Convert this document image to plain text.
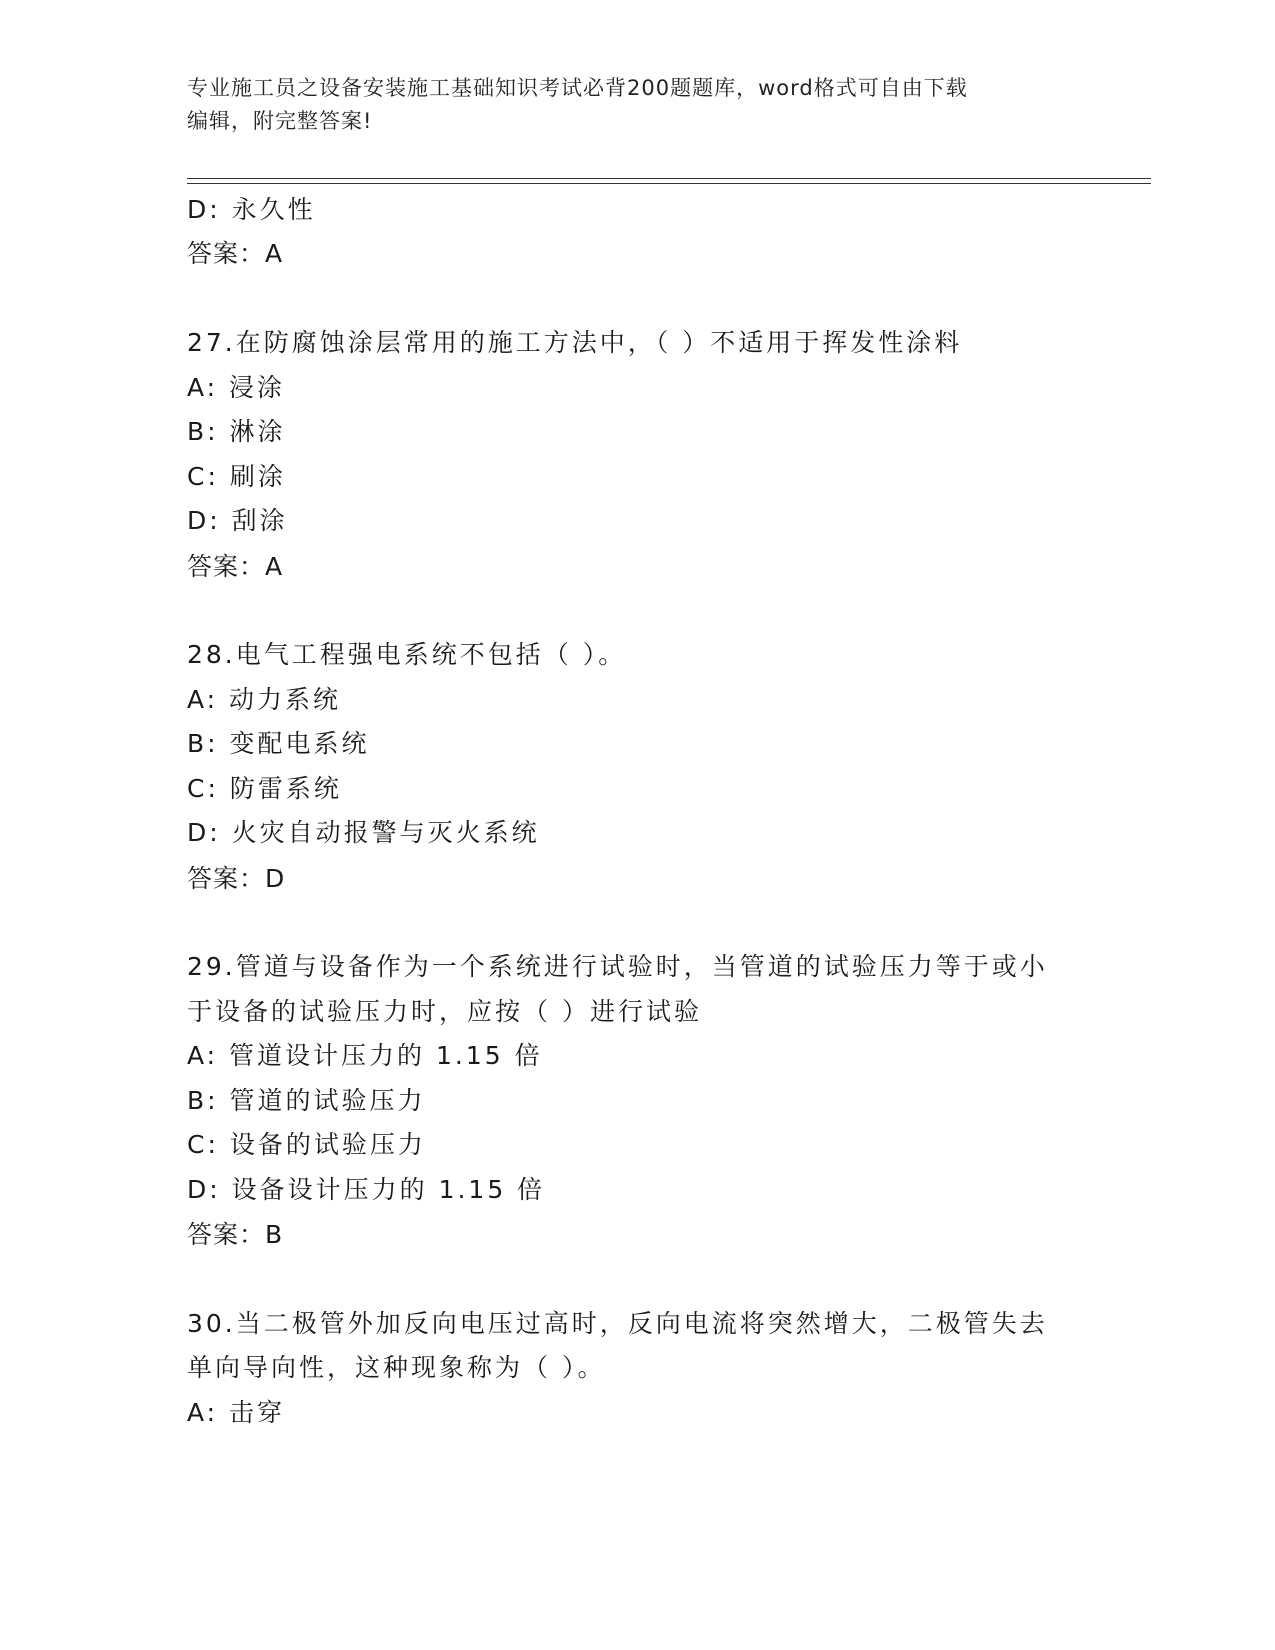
专业施工员之设备安装施工基础知识考试必背200题题库，word格式可自由下载
编辑，附完整答案!
D: 永久性
答案：A
27.在防腐蚀涂层常用的施工方法中，（ ）不适用于挥发性涂料
A: 浸涂
B: 淋涂
C: 刷涂
D: 刮涂
答案：A
28.电气工程强电系统不包括（ ）。
A: 动力系统
B: 变配电系统
C: 防雷系统
D: 火灾自动报警与灭火系统
答案：D
29.管道与设备作为一个系统进行试验时，当管道的试验压力等于或小
于设备的试验压力时，应按（ ）进行试验
A: 管道设计压力的 1.15 倍
B: 管道的试验压力
C: 设备的试验压力
D: 设备设计压力的 1.15 倍
答案：B
30.当二极管外加反向电压过高时，反向电流将突然增大，二极管失去
单向导向性，这种现象称为（ ）。
A: 击穿
